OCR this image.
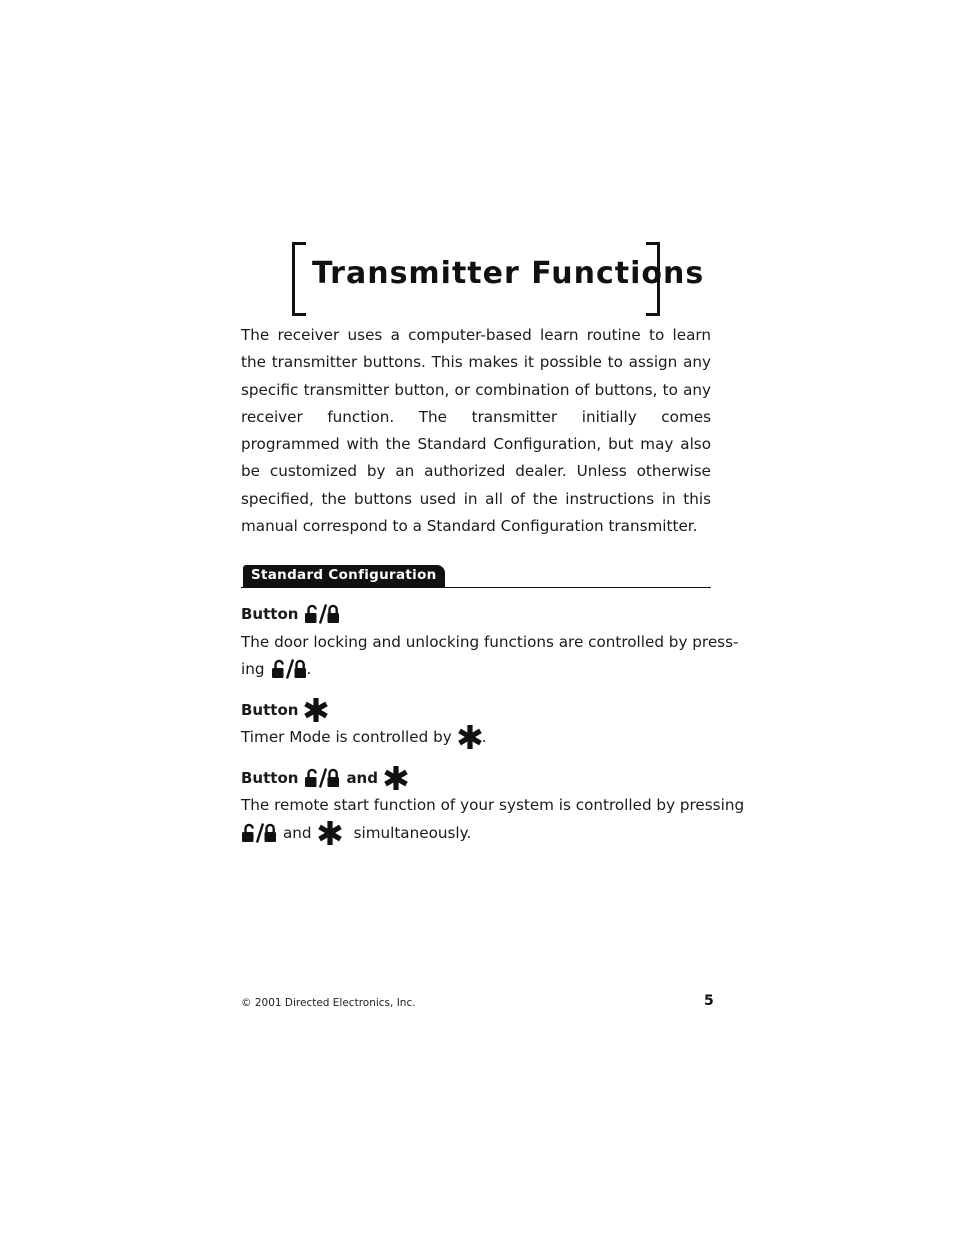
Transmitter Functions
The receiver uses a computer-based learn routine to learn the transmitter buttons. This makes it possible to assign any specific transmitter button, or combination of buttons, to any receiver function. The transmitter initially comes programmed with the Standard Configuration, but may also be customized by an authorized dealer. Unless otherwise specified, the buttons used in all of the instructions in this manual correspond to a Standard Configuration transmitter.
Standard Configuration
Button
The door locking and unlocking functions are controlled by press-
ing	.
Button
Timer Mode is controlled by .
Button	and
The remote start function of your system is controlled by pressing
and	simultaneously.
© 2001 Directed Electronics, Inc.	5
